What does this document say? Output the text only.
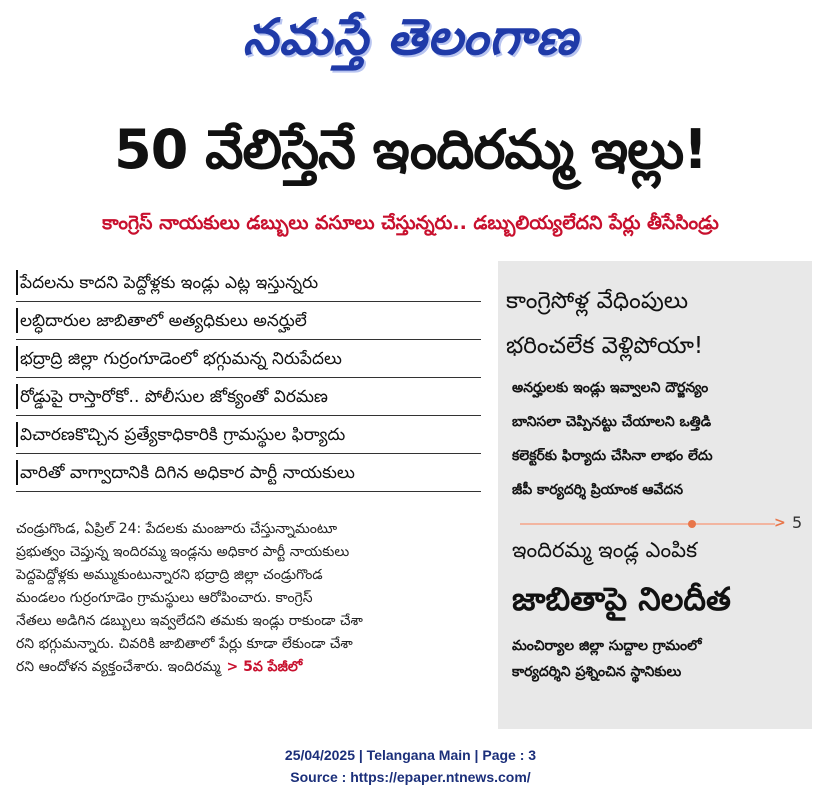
నమస్తే తెలంగాణ
50 వేలిస్తేనే ఇందిరమ్మ ఇల్లు!
కాంగ్రెస్ నాయకులు డబ్బులు వసూలు చేస్తున్నరు.. డబ్బులియ్యలేదని పేర్లు తీసేసిండ్రు
పేదలను కాదని పెద్దోళ్లకు ఇండ్లు ఎట్ల ఇస్తున్నరు
లబ్ధిదారుల జాబితాలో అత్యధికులు అనర్హులే
భద్రాద్రి జిల్లా గుర్రంగూడెంలో భగ్గుమన్న నిరుపేదలు
రోడ్డుపై రాస్తారోకో.. పోలీసుల జోక్యంతో విరమణ
విచారణకొచ్చిన ప్రత్యేకాధికారికి గ్రామస్థుల ఫిర్యాదు
వారితో వాగ్వాదానికి దిగిన అధికార పార్టీ నాయకులు
చండ్రుగొండ, ఏప్రిల్ 24: పేదలకు మంజూరు చేస్తున్నామంటూ
ప్రభుత్వం చెప్తున్న ఇందిరమ్మ ఇండ్లను అధికార పార్టీ నాయకులు
పెద్దపెద్దోళ్లకు అమ్ముకుంటున్నారని భద్రాద్రి జిల్లా చండ్రుగొండ
మండలం గుర్రంగూడెం గ్రామస్థులు ఆరోపించారు. కాంగ్రెస్
నేతలు అడిగిన డబ్బులు ఇవ్వలేదని తమకు ఇండ్లు రాకుండా చేశా
రని భగ్గుమన్నారు. చివరికి జాబితాలో పేర్లు కూడా లేకుండా చేశా
రని ఆందోళన వ్యక్తంచేశారు. ఇందిరమ్మ > 5వ పేజీలో
కాంగ్రెసోళ్ల వేధింపులు
భరించలేక వెళ్లిపోయా!
అనర్హులకు ఇండ్లు ఇవ్వాలని దౌర్జన్యం
బానిసలా చెప్పినట్టు చేయాలని ఒత్తిడి
కలెక్టర్‌కు ఫిర్యాదు చేసినా లాభం లేదు
జీపీ కార్యదర్శి ప్రియాంక ఆవేదన
> 5
ఇందిరమ్మ ఇండ్ల ఎంపిక
జాబితాపై నిలదీత
మంచిర్యాల జిల్లా సుద్దాల గ్రామంలో
కార్యదర్శిని ప్రశ్నించిన స్థానికులు
25/04/2025 | Telangana Main | Page : 3
Source : https://epaper.ntnews.com/
